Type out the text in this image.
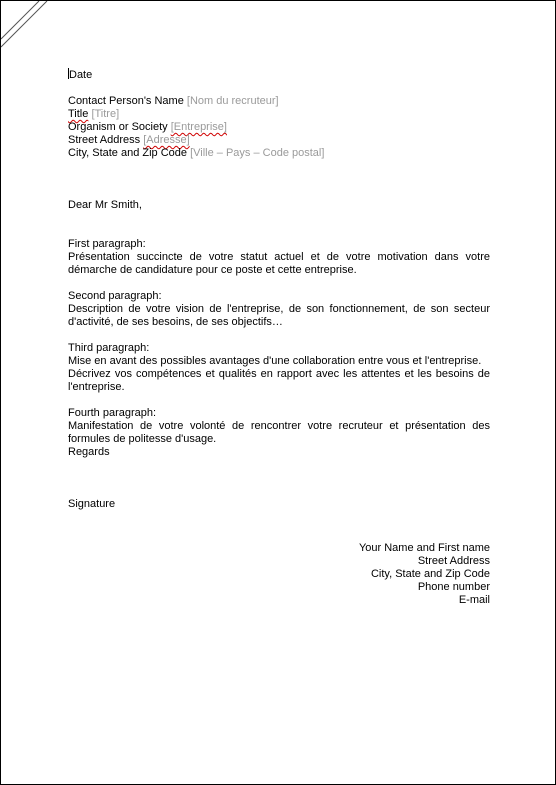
Date
Contact Person's Name [Nom du recruteur]
Title [Titre]
Organism or Society [Entreprise]
Street Address [Adresse]
City, State and Zip Code [Ville – Pays – Code postal]
Dear Mr Smith,
First paragraph:
Présentation succincte de votre statut actuel et de votre motivation dans votre démarche de candidature pour ce poste et cette entreprise.
Second paragraph:
Description de votre vision de l'entreprise, de son fonctionnement, de son secteur d'activité, de ses besoins, de ses objectifs…
Third paragraph:
Mise en avant des possibles avantages d'une collaboration entre vous et l'entreprise.
Décrivez vos compétences et qualités en rapport avec les attentes et les besoins de l'entreprise.
Fourth paragraph:
Manifestation de votre volonté de rencontrer votre recruteur et présentation des formules de politesse d'usage.
Regards
Signature
Your Name and First name
Street Address
City, State and Zip Code
Phone number
E-mail
